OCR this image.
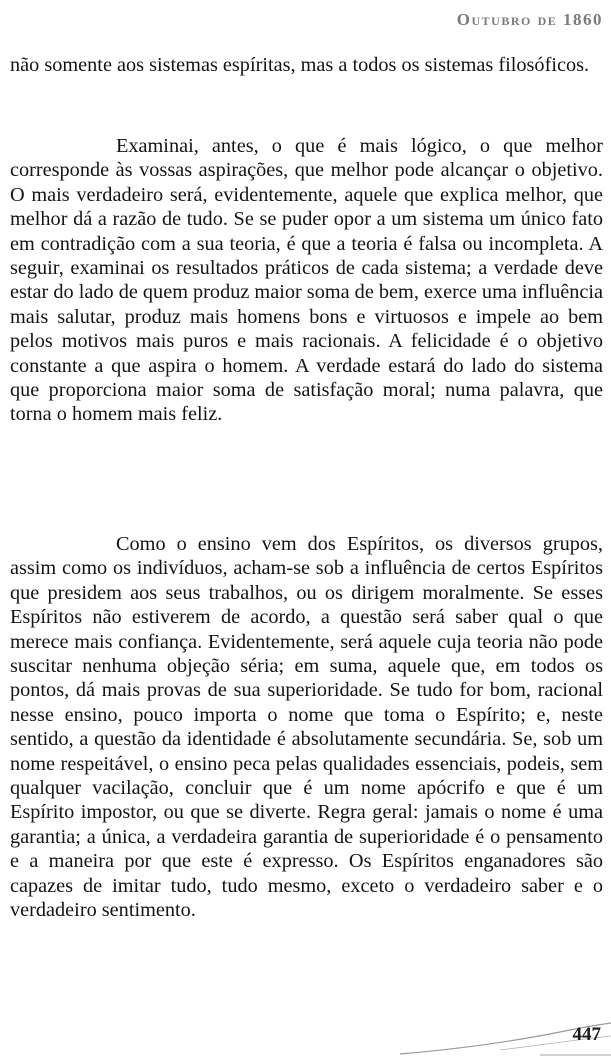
Outubro de 1860

não somente aos sistemas espíritas, mas a todos os sistemas filosóficos.

Examinai, antes, o que é mais lógico, o que melhor corresponde às vossas aspirações, que melhor pode alcançar o objetivo. O mais verdadeiro será, evidentemente, aquele que explica melhor, que melhor dá a razão de tudo. Se se puder opor a um sistema um único fato em contradição com a sua teoria, é que a teoria é falsa ou incompleta. A seguir, examinai os resultados práticos de cada sistema; a verdade deve estar do lado de quem produz maior soma de bem, exerce uma influência mais salutar, produz mais homens bons e virtuosos e impele ao bem pelos motivos mais puros e mais racionais. A felicidade é o objetivo constante a que aspira o homem. A verdade estará do lado do sistema que proporciona maior soma de satisfação moral; numa palavra, que torna o homem mais feliz.

Como o ensino vem dos Espíritos, os diversos grupos, assim como os indivíduos, acham-se sob a influência de certos Espíritos que presidem aos seus trabalhos, ou os dirigem moralmente. Se esses Espíritos não estiverem de acordo, a questão será saber qual o que merece mais confiança. Evidentemente, será aquele cuja teoria não pode suscitar nenhuma objeção séria; em suma, aquele que, em todos os pontos, dá mais provas de sua superioridade. Se tudo for bom, racional nesse ensino, pouco importa o nome que toma o Espírito; e, neste sentido, a questão da identidade é absolutamente secundária. Se, sob um nome respeitável, o ensino peca pelas qualidades essenciais, podeis, sem qualquer vacilação, concluir que é um nome apócrifo e que é um Espírito impostor, ou que se diverte. Regra geral: jamais o nome é uma garantia; a única, a verdadeira garantia de superioridade é o pensamento e a maneira por que este é expresso. Os Espíritos enganadores são capazes de imitar tudo, tudo mesmo, exceto o verdadeiro saber e o verdadeiro sentimento.

447
